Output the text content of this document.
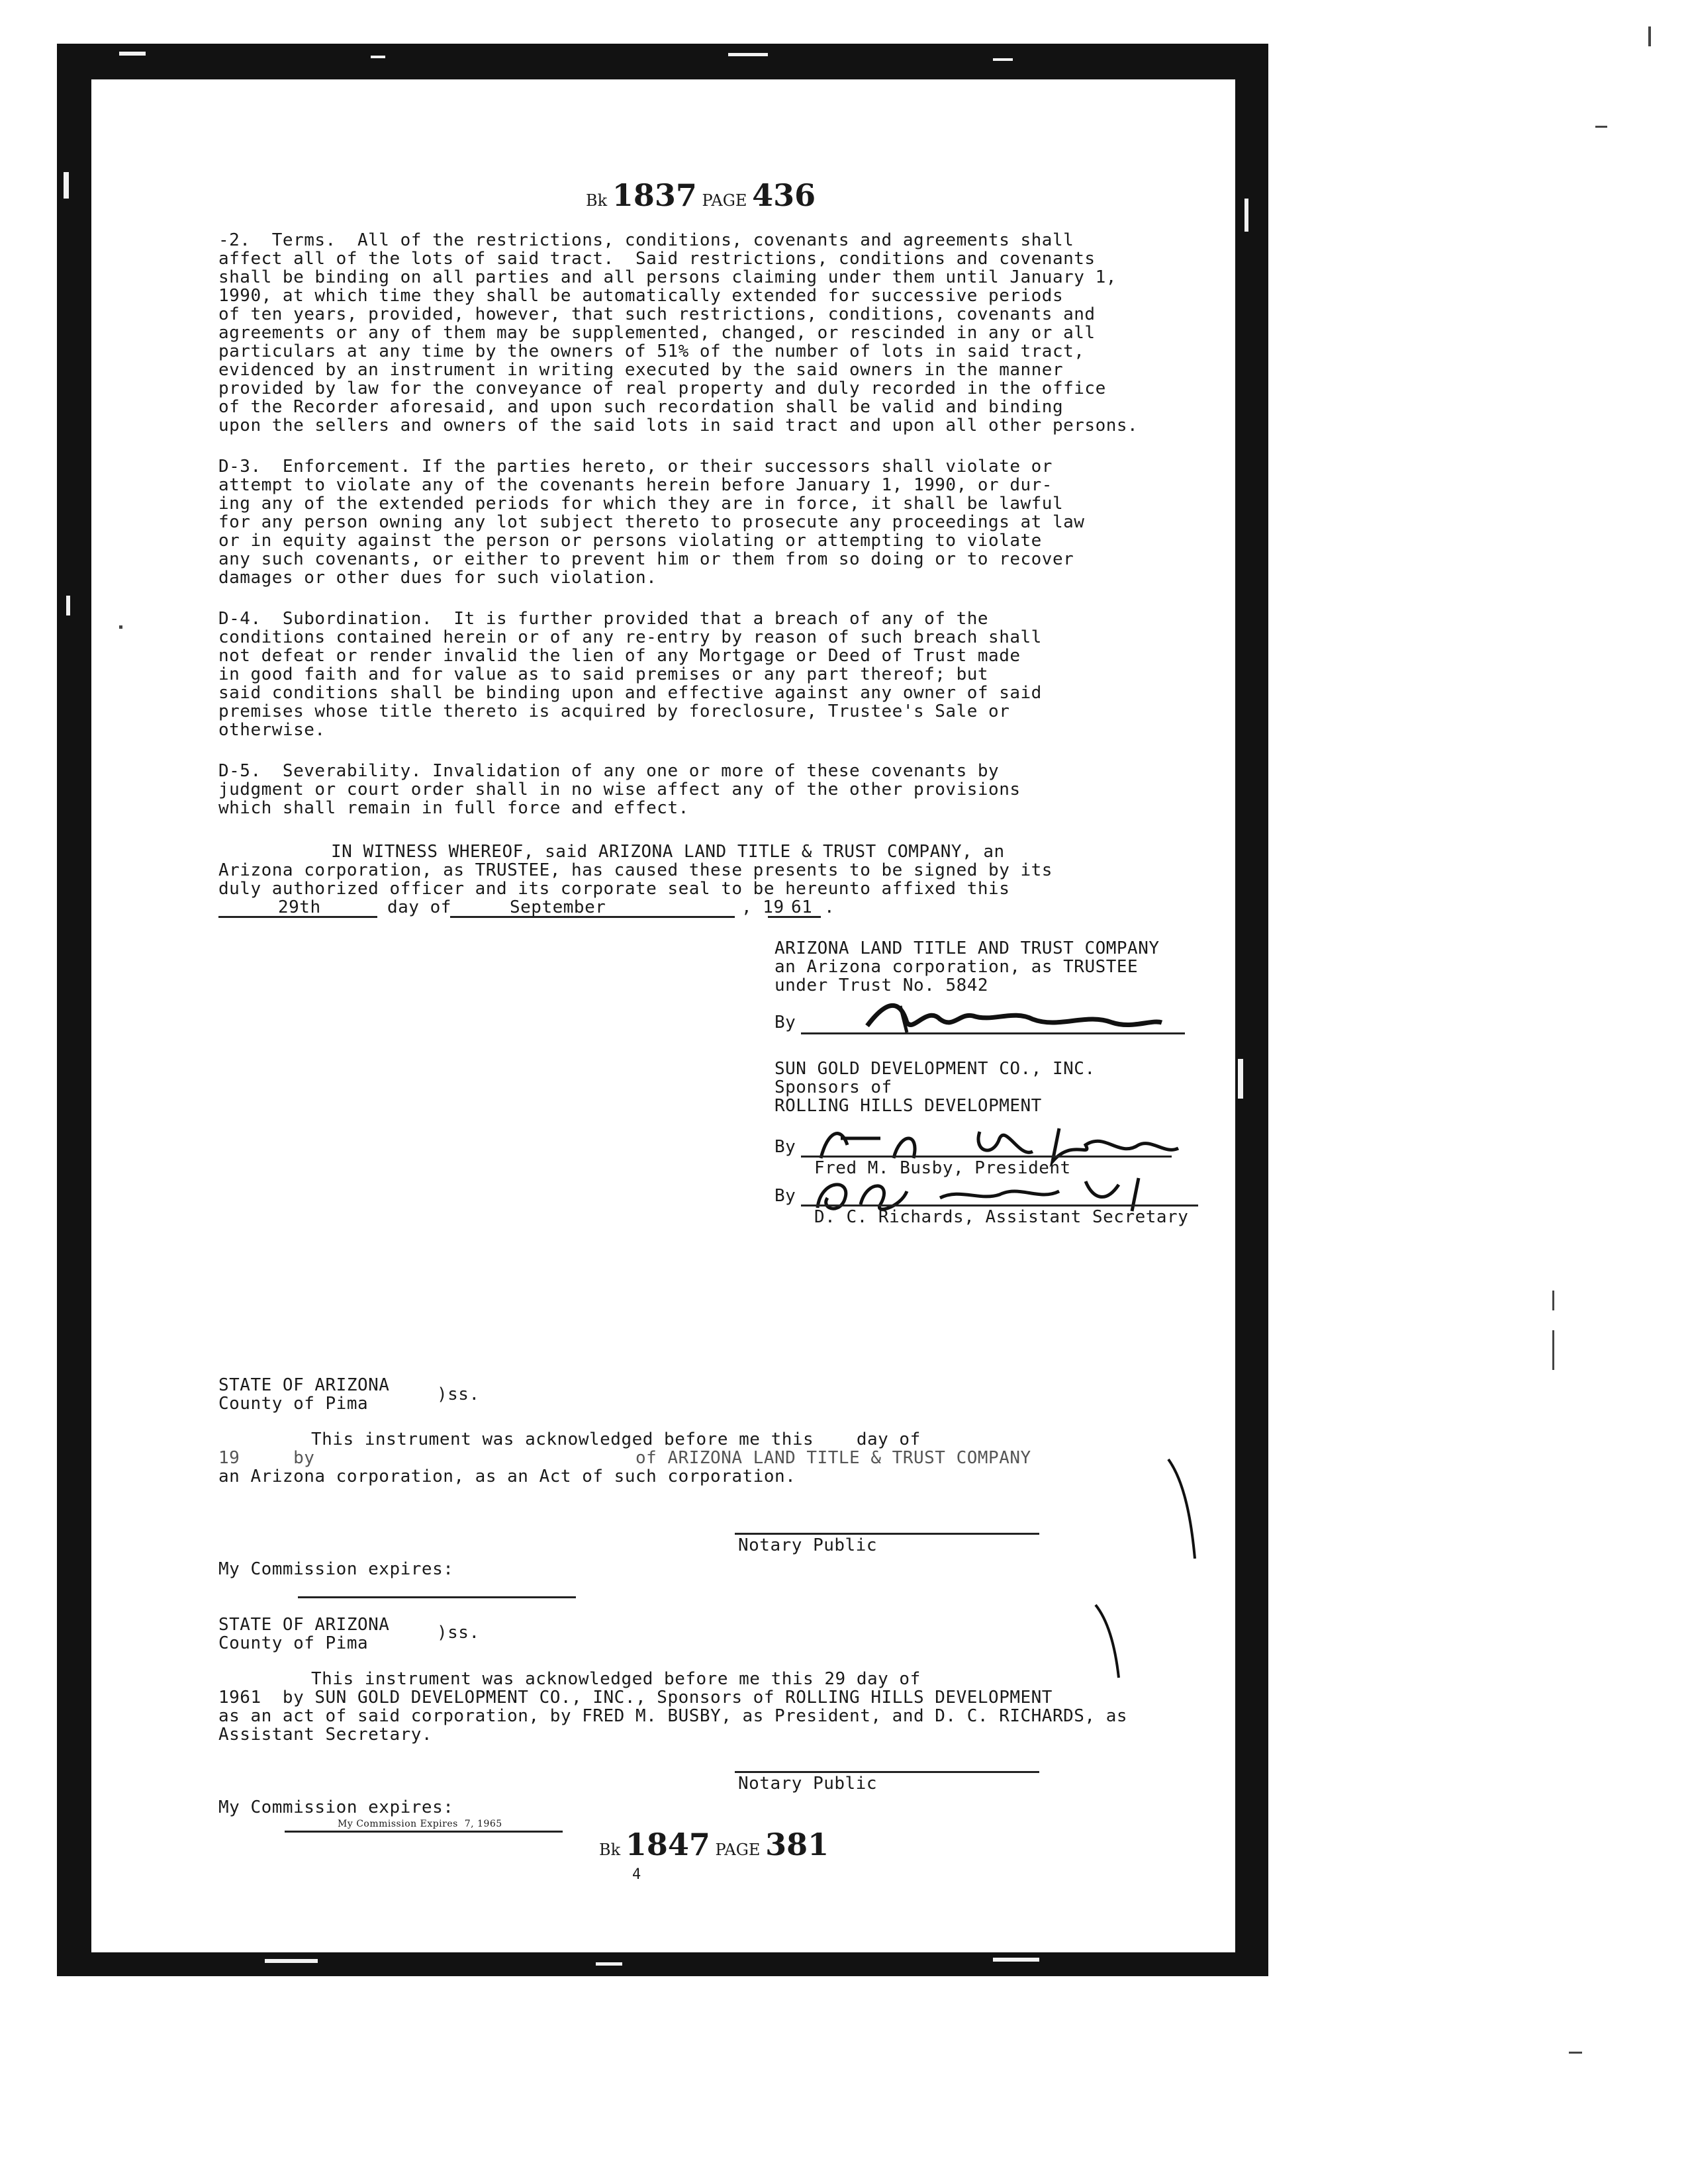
Bk 1837 PAGE 436
-2.  Terms.  All of the restrictions, conditions, covenants and agreements shall
affect all of the lots of said tract.  Said restrictions, conditions and covenants
shall be binding on all parties and all persons claiming under them until January 1,
1990, at which time they shall be automatically extended for successive periods
of ten years, provided, however, that such restrictions, conditions, covenants and
agreements or any of them may be supplemented, changed, or rescinded in any or all
particulars at any time by the owners of 51% of the number of lots in said tract,
evidenced by an instrument in writing executed by the said owners in the manner
provided by law for the conveyance of real property and duly recorded in the office
of the Recorder aforesaid, and upon such recordation shall be valid and binding
upon the sellers and owners of the said lots in said tract and upon all other persons.
D-3.  Enforcement. If the parties hereto, or their successors shall violate or
attempt to violate any of the covenants herein before January 1, 1990, or dur-
ing any of the extended periods for which they are in force, it shall be lawful
for any person owning any lot subject thereto to prosecute any proceedings at law
or in equity against the person or persons violating or attempting to violate
any such covenants, or either to prevent him or them from so doing or to recover
damages or other dues for such violation.
D-4.  Subordination.  It is further provided that a breach of any of the
conditions contained herein or of any re-entry by reason of such breach shall
not defeat or render invalid the lien of any Mortgage or Deed of Trust made
in good faith and for value as to said premises or any part thereof; but
said conditions shall be binding upon and effective against any owner of said
premises whose title thereto is acquired by foreclosure, Trustee's Sale or
otherwise.
D-5.  Severability. Invalidation of any one or more of these covenants by
judgment or court order shall in no wise affect any of the other provisions
which shall remain in full force and effect.
IN WITNESS WHEREOF, said ARIZONA LAND TITLE & TRUST COMPANY, an
Arizona corporation, as TRUSTEE, has caused these presents to be signed by its
duly authorized officer and its corporate seal to be hereunto affixed this
29th	day of	September	, 19 61 .
ARIZONA LAND TITLE AND TRUST COMPANY
an Arizona corporation, as TRUSTEE
under Trust No. 5842
By
SUN GOLD DEVELOPMENT CO., INC.
Sponsors of
ROLLING HILLS DEVELOPMENT
By
Fred M. Busby, President
By
D. C. Richards, Assistant Secretary
STATE OF ARIZONA	)ss.
County of Pima
This instrument was acknowledged before me this    day of
19     by                              of ARIZONA LAND TITLE & TRUST COMPANY
an Arizona corporation, as an Act of such corporation.
Notary Public
My Commission expires:
STATE OF ARIZONA	)ss.
County of Pima
This instrument was acknowledged before me this 29 day of
1961  by SUN GOLD DEVELOPMENT CO., INC., Sponsors of ROLLING HILLS DEVELOPMENT
as an act of said corporation, by FRED M. BUSBY, as President, and D. C. RICHARDS, as
Assistant Secretary.
Notary Public
My Commission expires:
My Commission Expires  7, 1965
Bk 1847 PAGE 381
4
